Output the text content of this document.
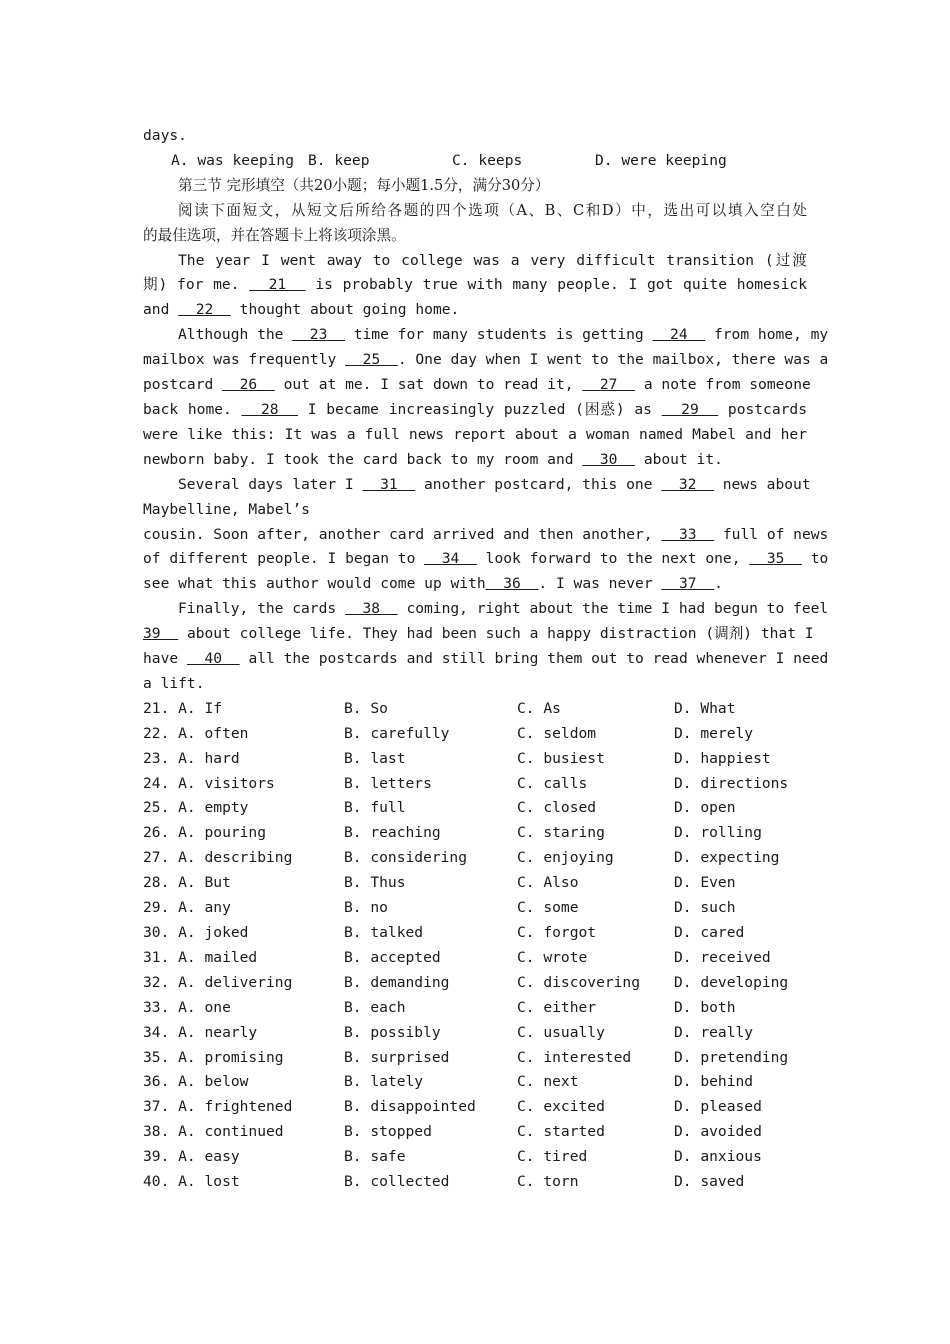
days.
A. was keeping B. keep	C. keeps	D. were keeping
第三节 完形填空（共20小题；每小题1.5分，满分30分）
阅读下面短文，从短文后所给各题的四个选项（A、B、C和D）中，选出可以填入空白处
的最佳选项，并在答题卡上将该项涂黑。
The year I went away to college was a very difficult transition (过渡
期) for me.   21   is probably true with many people. I got quite homesick
and   22   thought about going home.
Although the   23   time for many students is getting   24   from home, my
mailbox was frequently   25  . One day when I went to the mailbox, there was a
postcard   26   out at me. I sat down to read it,   27   a note from someone
back home.   28   I became increasingly puzzled (困惑) as   29   postcards
were like this: It was a full news report about a woman named Mabel and her
newborn baby. I took the card back to my room and   30   about it.
Several days later I   31   another postcard, this one   32   news about
Maybelline, Mabel’s
cousin. Soon after, another card arrived and then another,   33   full of news
of different people. I began to   34   look forward to the next one,   35   to
see what this author would come up with  36  . I was never   37  .
Finally, the cards   38   coming, right about the time I had begun to feel
39   about college life. They had been such a happy distraction (调剂) that I
have   40   all the postcards and still bring them out to read whenever I need
a lift.
21. A. If	B. So	C. As	D. What
22. A. often	B. carefully	C. seldom	D. merely
23. A. hard	B. last	C. busiest	D. happiest
24. A. visitors	B. letters	C. calls	D. directions
25. A. empty	B. full	C. closed	D. open
26. A. pouring	B. reaching	C. staring	D. rolling
27. A. describing	B. considering	C. enjoying	D. expecting
28. A. But	B. Thus	C. Also	D. Even
29. A. any	B. no	C. some	D. such
30. A. joked	B. talked	C. forgot	D. cared
31. A. mailed	B. accepted	C. wrote	D. received
32. A. delivering	B. demanding	C. discovering	D. developing
33. A. one	B. each	C. either	D. both
34. A. nearly	B. possibly	C. usually	D. really
35. A. promising	B. surprised	C. interested	D. pretending
36. A. below	B. lately	C. next	D. behind
37. A. frightened	B. disappointed	C. excited	D. pleased
38. A. continued	B. stopped	C. started	D. avoided
39. A. easy	B. safe	C. tired	D. anxious
40. A. lost	B. collected	C. torn	D. saved
